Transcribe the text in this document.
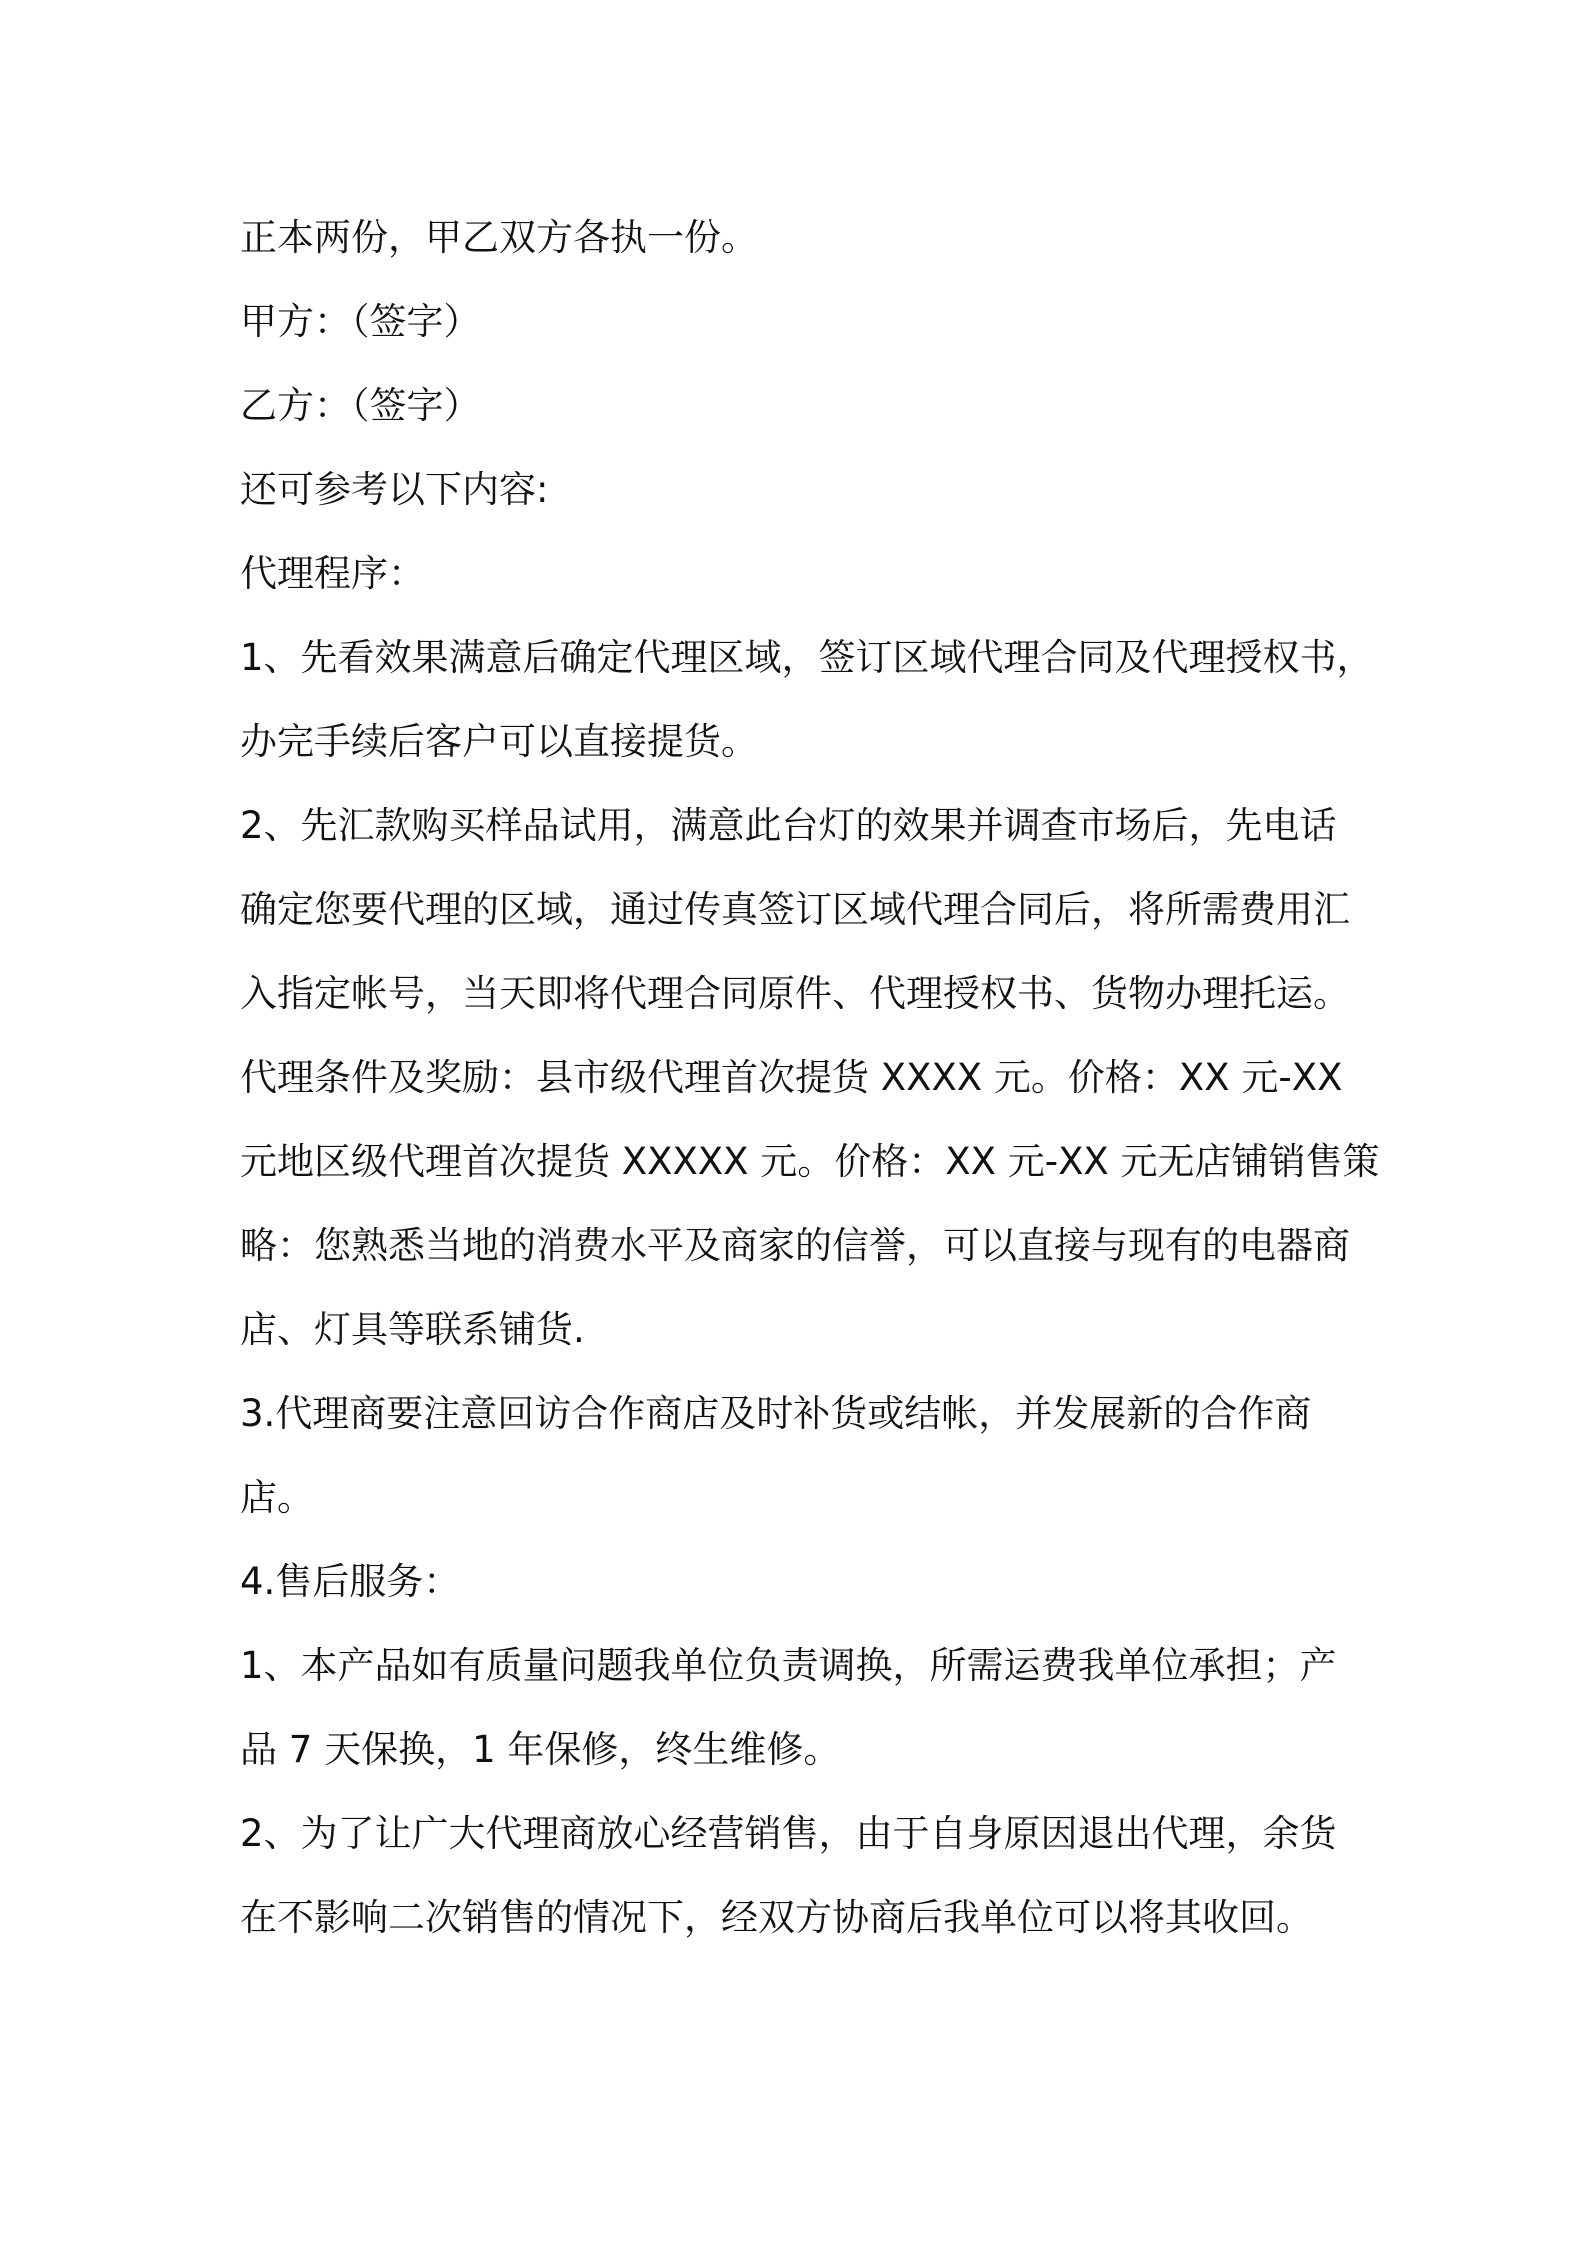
正本两份，甲乙双方各执一份。

甲方：（签字）

乙方：（签字）

还可参考以下内容:

代理程序：

1、先看效果满意后确定代理区域，签订区域代理合同及代理授权书，

办完手续后客户可以直接提货。

2、先汇款购买样品试用，满意此台灯的效果并调查市场后，先电话

确定您要代理的区域，通过传真签订区域代理合同后，将所需费用汇

入指定帐号，当天即将代理合同原件、代理授权书、货物办理托运。

代理条件及奖励：县市级代理首次提货 XXXX 元。价格：XX 元-XX

元地区级代理首次提货 XXXXX 元。价格：XX 元-XX 元无店铺销售策

略：您熟悉当地的消费水平及商家的信誉，可以直接与现有的电器商

店、灯具等联系铺货.

3.代理商要注意回访合作商店及时补货或结帐，并发展新的合作商店。

4.售后服务：

1、本产品如有质量问题我单位负责调换，所需运费我单位承担；产

品 7 天保换，1 年保修，终生维修。

2、为了让广大代理商放心经营销售，由于自身原因退出代理，余货

在不影响二次销售的情况下，经双方协商后我单位可以将其收回。
